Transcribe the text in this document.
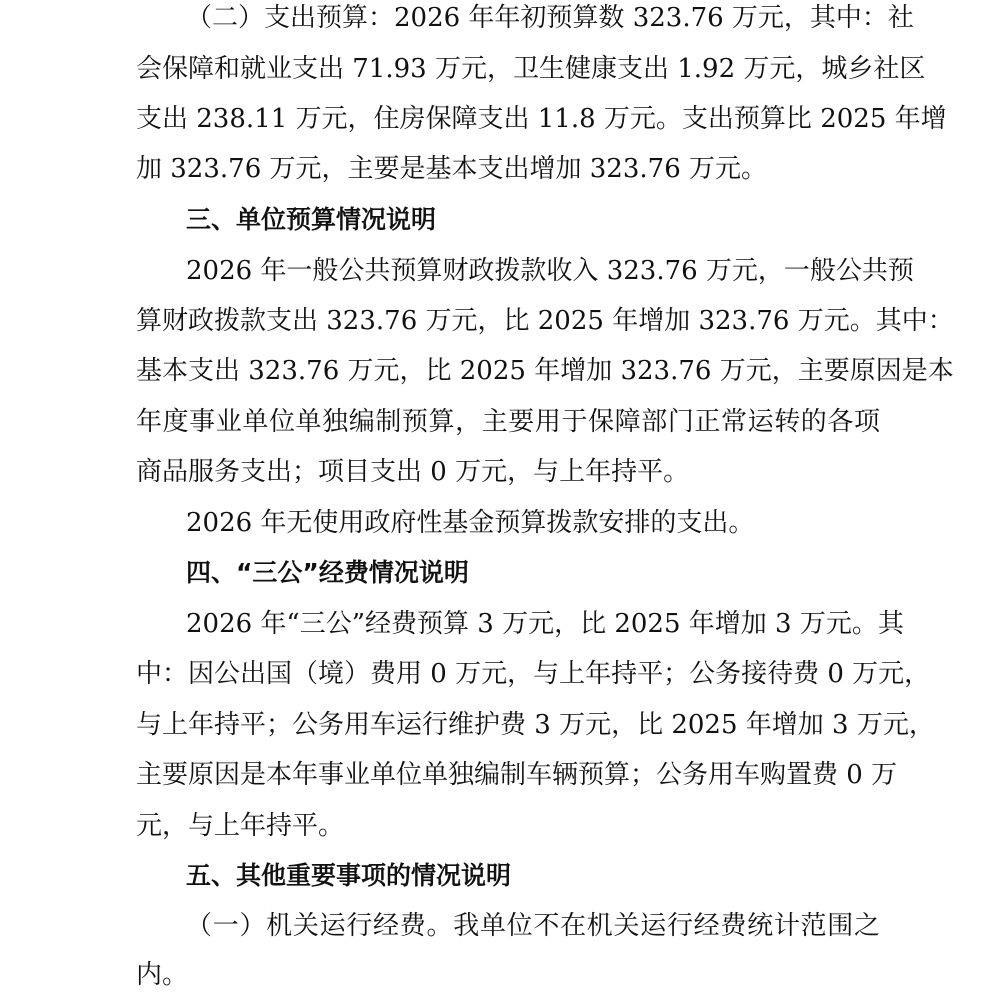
（二）支出预算：2026 年年初预算数 323.76 万元，其中：社
会保障和就业支出 71.93 万元，卫生健康支出 1.92 万元，城乡社区
支出 238.11 万元，住房保障支出 11.8 万元。支出预算比 2025 年增
加 323.76 万元，主要是基本支出增加 323.76 万元。
三、单位预算情况说明
2026 年一般公共预算财政拨款收入 323.76 万元，一般公共预
算财政拨款支出 323.76 万元，比 2025 年增加 323.76 万元。其中：
基本支出 323.76 万元，比 2025 年增加 323.76 万元，主要原因是本
年度事业单位单独编制预算，主要用于保障部门正常运转的各项
商品服务支出；项目支出 0 万元，与上年持平。
2026 年无使用政府性基金预算拨款安排的支出。
四、“三公”经费情况说明
2026 年“三公”经费预算 3 万元，比 2025 年增加 3 万元。其
中：因公出国（境）费用 0 万元，与上年持平；公务接待费 0 万元，
与上年持平；公务用车运行维护费 3 万元，比 2025 年增加 3 万元，
主要原因是本年事业单位单独编制车辆预算；公务用车购置费 0 万
元，与上年持平。
五、其他重要事项的情况说明
（一）机关运行经费。我单位不在机关运行经费统计范围之
内。
